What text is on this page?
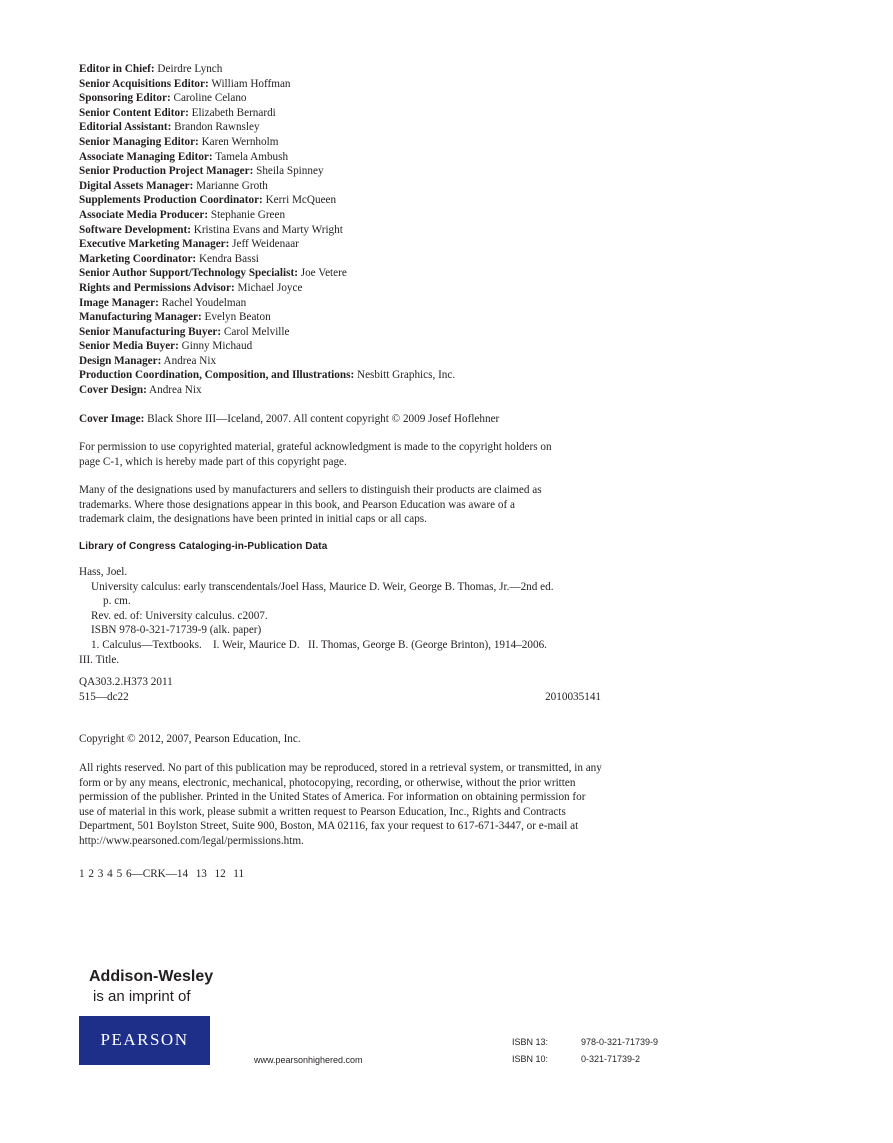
Editor in Chief: Deirdre Lynch
Senior Acquisitions Editor: William Hoffman
Sponsoring Editor: Caroline Celano
Senior Content Editor: Elizabeth Bernardi
Editorial Assistant: Brandon Rawnsley
Senior Managing Editor: Karen Wernholm
Associate Managing Editor: Tamela Ambush
Senior Production Project Manager: Sheila Spinney
Digital Assets Manager: Marianne Groth
Supplements Production Coordinator: Kerri McQueen
Associate Media Producer: Stephanie Green
Software Development: Kristina Evans and Marty Wright
Executive Marketing Manager: Jeff Weidenaar
Marketing Coordinator: Kendra Bassi
Senior Author Support/Technology Specialist: Joe Vetere
Rights and Permissions Advisor: Michael Joyce
Image Manager: Rachel Youdelman
Manufacturing Manager: Evelyn Beaton
Senior Manufacturing Buyer: Carol Melville
Senior Media Buyer: Ginny Michaud
Design Manager: Andrea Nix
Production Coordination, Composition, and Illustrations: Nesbitt Graphics, Inc.
Cover Design: Andrea Nix
Cover Image: Black Shore III—Iceland, 2007. All content copyright © 2009 Josef Hoflehner
For permission to use copyrighted material, grateful acknowledgment is made to the copyright holders on
page C-1, which is hereby made part of this copyright page.
Many of the designations used by manufacturers and sellers to distinguish their products are claimed as
trademarks. Where those designations appear in this book, and Pearson Education was aware of a
trademark claim, the designations have been printed in initial caps or all caps.
Library of Congress Cataloging-in-Publication Data
Hass, Joel.
University calculus: early transcendentals/Joel Hass, Maurice D. Weir, George B. Thomas, Jr.—2nd ed.
p. cm.
Rev. ed. of: University calculus. c2007.
ISBN 978-0-321-71739-9 (alk. paper)
1. Calculus—Textbooks.    I. Weir, Maurice D.   II. Thomas, George B. (George Brinton), 1914–2006.
III. Title.
QA303.2.H373 2011
515—dc22	2010035141
Copyright © 2012, 2007, Pearson Education, Inc.
All rights reserved. No part of this publication may be reproduced, stored in a retrieval system, or transmitted, in any
form or by any means, electronic, mechanical, photocopying, recording, or otherwise, without the prior written
permission of the publisher. Printed in the United States of America. For information on obtaining permission for
use of material in this work, please submit a written request to Pearson Education, Inc., Rights and Contracts
Department, 501 Boylston Street, Suite 900, Boston, MA 02116, fax your request to 617-671-3447, or e-mail at
http://www.pearsoned.com/legal/permissions.htm.
1 2 3 4 5 6—CRK—14  13  12  11
Addison-Wesley
is an imprint of
PEARSON
www.pearsonhighered.com
ISBN 13:	978-0-321-71739-9
ISBN 10:	0-321-71739-2
